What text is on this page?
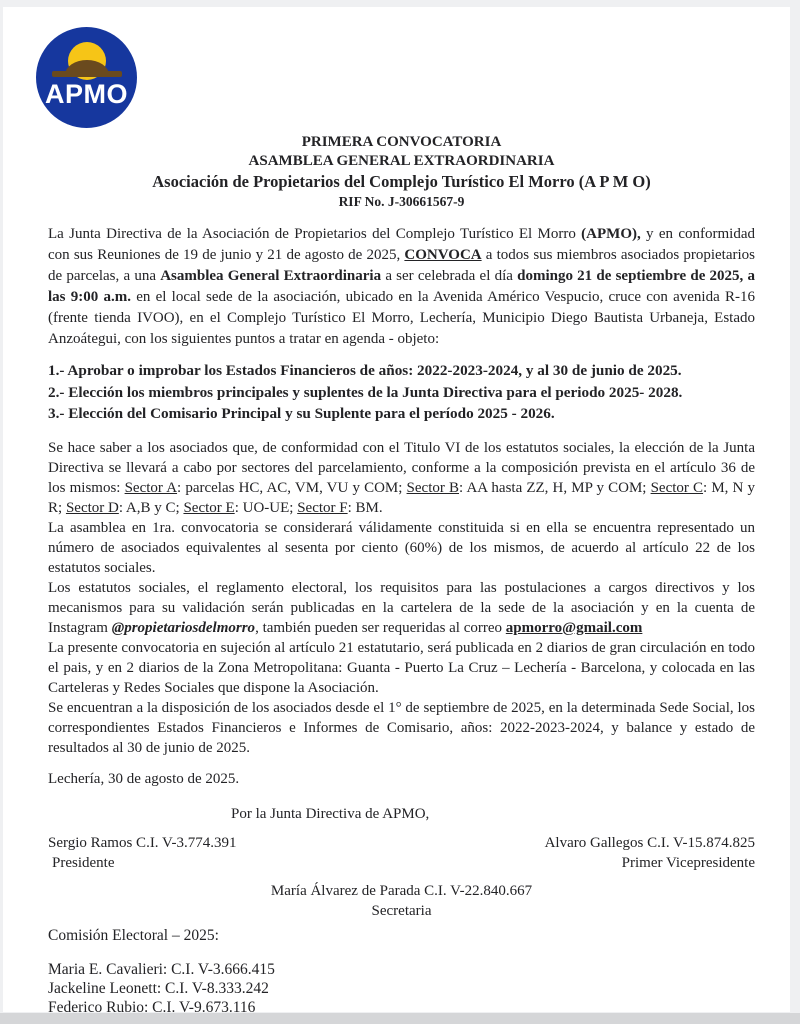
APMO
PRIMERA CONVOCATORIA
ASAMBLEA GENERAL EXTRAORDINARIA
Asociación de Propietarios del Complejo Turístico El Morro (A P M O)
RIF No. J-30661567-9

La Junta Directiva de la Asociación de Propietarios del Complejo Turístico El Morro (APMO), y en conformidad con sus Reuniones de 19 de junio y 21 de agosto de 2025, CONVOCA a todos sus miembros asociados propietarios de parcelas, a una Asamblea General Extraordinaria a ser celebrada el día domingo 21 de septiembre de 2025, a las 9:00 a.m. en el local sede de la asociación, ubicado en la Avenida Américo Vespucio, cruce con avenida R-16 (frente tienda IVOO), en el Complejo Turístico El Morro, Lechería, Municipio Diego Bautista Urbaneja, Estado Anzoátegui, con los siguientes puntos a tratar en agenda - objeto:

1.- Aprobar o improbar los Estados Financieros de años: 2022-2023-2024, y al 30 de junio de 2025.
2.- Elección los miembros principales y suplentes de la Junta Directiva para el periodo 2025- 2028.
3.- Elección del Comisario Principal y su Suplente para el período 2025 - 2026.

Se hace saber a los asociados que, de conformidad con el Titulo VI de los estatutos sociales, la elección de la Junta Directiva se llevará a cabo por sectores del parcelamiento, conforme a la composición prevista en el artículo 36 de los mismos: Sector A: parcelas HC, AC, VM, VU y COM; Sector B: AA hasta ZZ, H, MP y COM; Sector C: M, N y R; Sector D: A,B y C; Sector E: UO-UE; Sector F: BM.

La asamblea en 1ra. convocatoria se considerará válidamente constituida si en ella se encuentra representado un número de asociados equivalentes al sesenta por ciento (60%) de los mismos, de acuerdo al artículo 22 de los estatutos sociales.

Los estatutos sociales, el reglamento electoral, los requisitos para las postulaciones a cargos directivos y los mecanismos para su validación serán publicadas en la cartelera de la sede de la asociación y en la cuenta de Instagram @propietariosdelmorro, también pueden ser requeridas al correo apmorro@gmail.com

La presente convocatoria en sujeción al artículo 21 estatutario, será publicada en 2 diarios de gran circulación en todo el pais, y en 2 diarios de la Zona Metropolitana: Guanta - Puerto La Cruz – Lechería - Barcelona, y colocada en las Carteleras y Redes Sociales que dispone la Asociación.

Se encuentran a la disposición de los asociados desde el 1° de septiembre de 2025, en la determinada Sede Social, los correspondientes Estados Financieros e Informes de Comisario, años: 2022-2023-2024, y balance y estado de resultados al 30 de junio de 2025.

Lechería, 30 de agosto de 2025.
Por la Junta Directiva de APMO,
Sergio Ramos C.I. V-3.774.391
Presidente
Alvaro Gallegos C.I. V-15.874.825
Primer Vicepresidente
María Álvarez de Parada C.I. V-22.840.667
Secretaria
Comisión Electoral – 2025:
Maria E. Cavalieri: C.I. V-3.666.415
Jackeline Leonett: C.I. V-8.333.242
Federico Rubio: C.I. V-9.673.116
